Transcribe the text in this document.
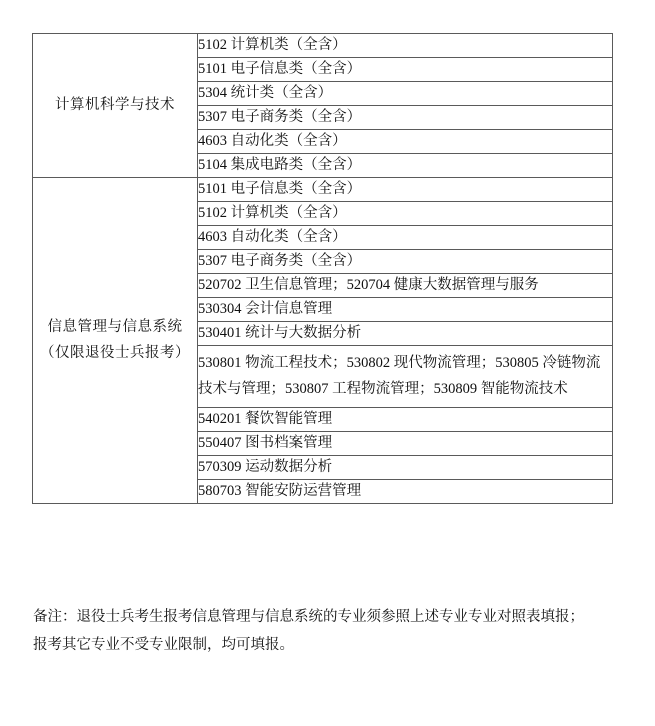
计算机科学与技术	5102 计算机类（全含）
	5101 电子信息类（全含）
	5304 统计类（全含）
	5307 电子商务类（全含）
	4603 自动化类（全含）
	5104 集成电路类（全含）

信息管理与信息系统
（仅限退役士兵报考）	5101 电子信息类（全含）
	5102 计算机类（全含）
	4603 自动化类（全含）
	5307 电子商务类（全含）
	520702 卫生信息管理；520704 健康大数据管理与服务
	530304 会计信息管理
	530401 统计与大数据分析
	530801 物流工程技术；530802 现代物流管理；530805 冷链物流技术与管理；530807 工程物流管理；530809 智能物流技术
	540201 餐饮智能管理
	550407 图书档案管理
	570309 运动数据分析
	580703 智能安防运营管理
备注：退役士兵考生报考信息管理与信息系统的专业须参照上述专业专业对照表填报；
报考其它专业不受专业限制，均可填报。
